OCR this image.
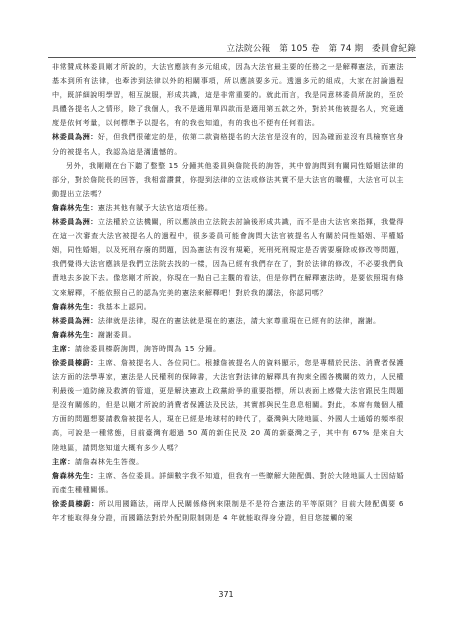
立法院公報　第 105 卷　第 74 期　委員會紀錄

非常贊成林委員剛才所說的，大法官應該有多元組成，因為大法官最主要的任務之一是解釋憲法，而憲法基本到所有法律，也牽涉到法律以外的相關事項，所以應該要多元。透過多元的組成，大家在討論過程中，既詳細說明學習，相互說服，形成共識，這是非常重要的。就此而言，我是同意林委員所說的，至於具體各提名人之情形，除了我個人，我不是適用單四款而是適用第五款之外，對於其他被提名人，究竟適度是依何考量，以何標準予以提名，有的我也知道，有的我也不便有任何看法。

林委員為洲：好，但我們很確定的是，依第二款資格提名的大法官是沒有的，因為確面並沒有具檢察官身分的被提名人，我認為這是滿遺憾的。

另外，我剛剛在台下聽了整整 15 分鐘其他委員與詹院長的詢答，其中曾詢問到有關同性婚姻法律的部分，對於詹院長的回答，我相當讚賞，你提到法律的立法或修法其實不是大法官的職權，大法官可以主動提出立法嗎？

詹森林先生：憲法其他有賦予大法官這項任務。

林委員為洲：立法權於立法機關，所以應該由立法院去討論後形成共識，而不是由大法官來指揮，我覺得在這一次審查大法官被提名人的過程中，很多委員可能會詢問大法官被提名人有關於同性婚姻、平權婚姻，同性婚姻，以及死刑存廢的問題，因為憲法有沒有規範，死刑死刑規定是否需要廢除或修改等問題，我們覺得大法官應該是我們立法院去找的一樣，因為已經有我們存在了，對於法律的修改，不必要我們負責地去多說下去。像您剛才所說，你現在一點自己主觀的看法，但是你們在解釋憲法時，是要依照現有條文來解釋，不能依照自己的認為完美的憲法來解釋吧！對於我的講法，你認同嗎？

詹森林先生：我基本上認同。

林委員為洲：法律就是法律，現在的憲法就是現在的憲法，請大家尊重現在已經有的法律，謝謝。

詹森林先生：謝謝委員。

主席：請徐委員榛蔚詢問，詢答時間為 15 分鐘。

徐委員榛蔚：主席、詹被提名人、各位同仁。根據詹被提名人的資料顯示，您是專精於民法、消費者保護法方面的法學專家，憲法是人民權利的保障書，大法官對法律的解釋具有拘束全國各機關的效力，人民權利最後一道防線及救濟的管道，更是解決憲政上政黨紛爭的重要指標，所以表面上感覺大法官跟民生問題是沒有關係的，但是以剛才所說的消費者保護法及民法，其實都與民生息息相關。對此，本席有幾個人權方面的問題想要請教詹被提名人，現在已經是地球村的時代了，臺灣與大陸地區、外國人士通婚的頻率很高，可說是一種常態，目前臺灣有超過 50 萬的新住民及 20 萬的新臺灣之子，其中有 67% 是來自大陸地區，請問您知道大概有多少人嗎？

主席：請詹森林先生答復。

詹森林先生：主席、各位委員。詳細數字我不知道，但我有一些瞭解大陸配偶、對於大陸地區人士因結婚而產生種種關係。

徐委員榛蔚：所以用國籍法，兩岸人民關係條例來限制是不是符合憲法的平等原則？目前大陸配偶要 6 年才能取得身分證，而國籍法對於外配則限制則是 4 年就能取得身分證，但目您接觸的案

371
